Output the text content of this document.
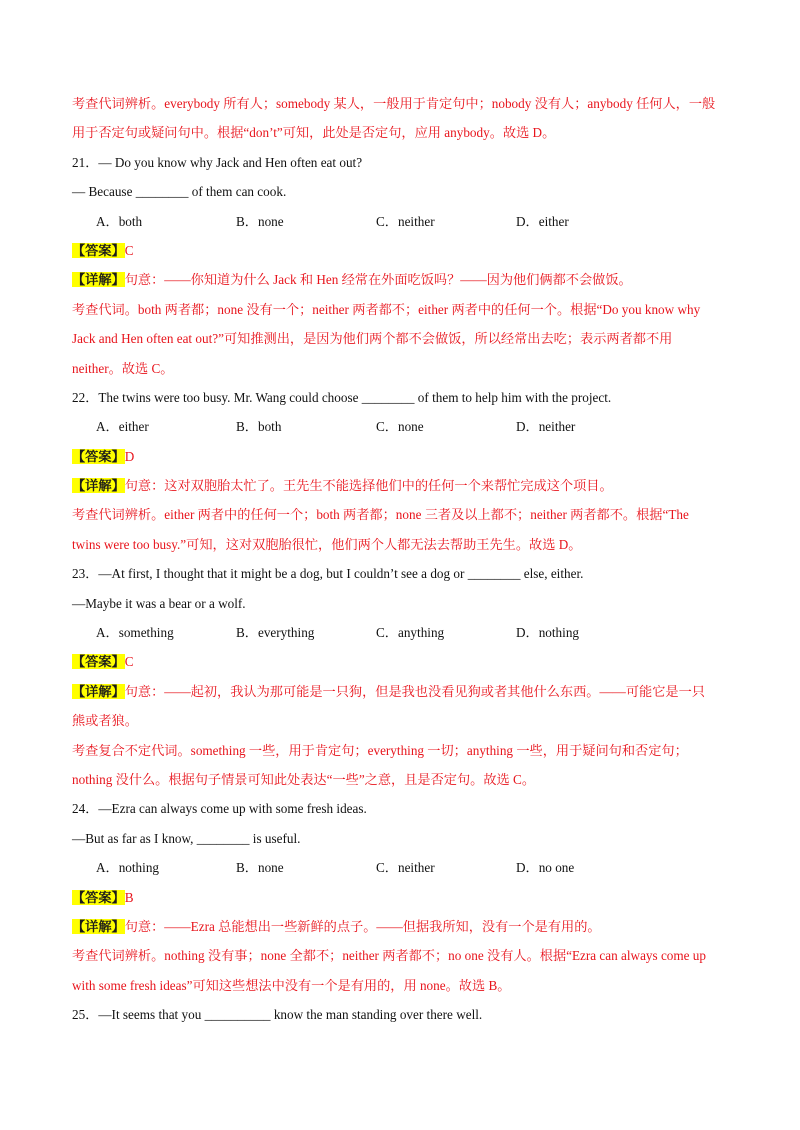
考查代词辨析。everybody 所有人；somebody 某人，一般用于肯定句中；nobody 没有人；anybody 任何人，一般
用于否定句或疑问句中。根据“don’t”可知，此处是否定句，应用 anybody。故选 D。
21．— Do you know why Jack and Hen often eat out?
— Because ________ of them can cook.
A．both	B．none	C．neither	D．either
【答案】C
【详解】句意：——你知道为什么 Jack 和 Hen 经常在外面吃饭吗？——因为他们俩都不会做饭。
考查代词。both 两者都；none 没有一个；neither 两者都不；either 两者中的任何一个。根据“Do you know why
Jack and Hen often eat out?”可知推测出，是因为他们两个都不会做饭，所以经常出去吃；表示两者都不用
neither。故选 C。
22．The twins were too busy. Mr. Wang could choose ________ of them to help him with the project.
A．either	B．both	C．none	D．neither
【答案】D
【详解】句意：这对双胞胎太忙了。王先生不能选择他们中的任何一个来帮忙完成这个项目。
考查代词辨析。either 两者中的任何一个；both 两者都；none 三者及以上都不；neither 两者都不。根据“The
twins were too busy.”可知，这对双胞胎很忙，他们两个人都无法去帮助王先生。故选 D。
23．—At first, I thought that it might be a dog, but I couldn’t see a dog or ________ else, either.
—Maybe it was a bear or a wolf.
A．something	B．everything	C．anything	D．nothing
【答案】C
【详解】句意：——起初，我认为那可能是一只狗，但是我也没看见狗或者其他什么东西。——可能它是一只
熊或者狼。
考查复合不定代词。something 一些，用于肯定句；everything 一切；anything 一些，用于疑问句和否定句；
nothing 没什么。根据句子情景可知此处表达“一些”之意，且是否定句。故选 C。
24．—Ezra can always come up with some fresh ideas.
—But as far as I know, ________ is useful.
A．nothing	B．none	C．neither	D．no one
【答案】B
【详解】句意：——Ezra 总能想出一些新鲜的点子。——但据我所知，没有一个是有用的。
考查代词辨析。nothing 没有事；none 全都不；neither 两者都不；no one 没有人。根据“Ezra can always come up
with some fresh ideas”可知这些想法中没有一个是有用的，用 none。故选 B。
25．—It seems that you __________ know the man standing over there well.
